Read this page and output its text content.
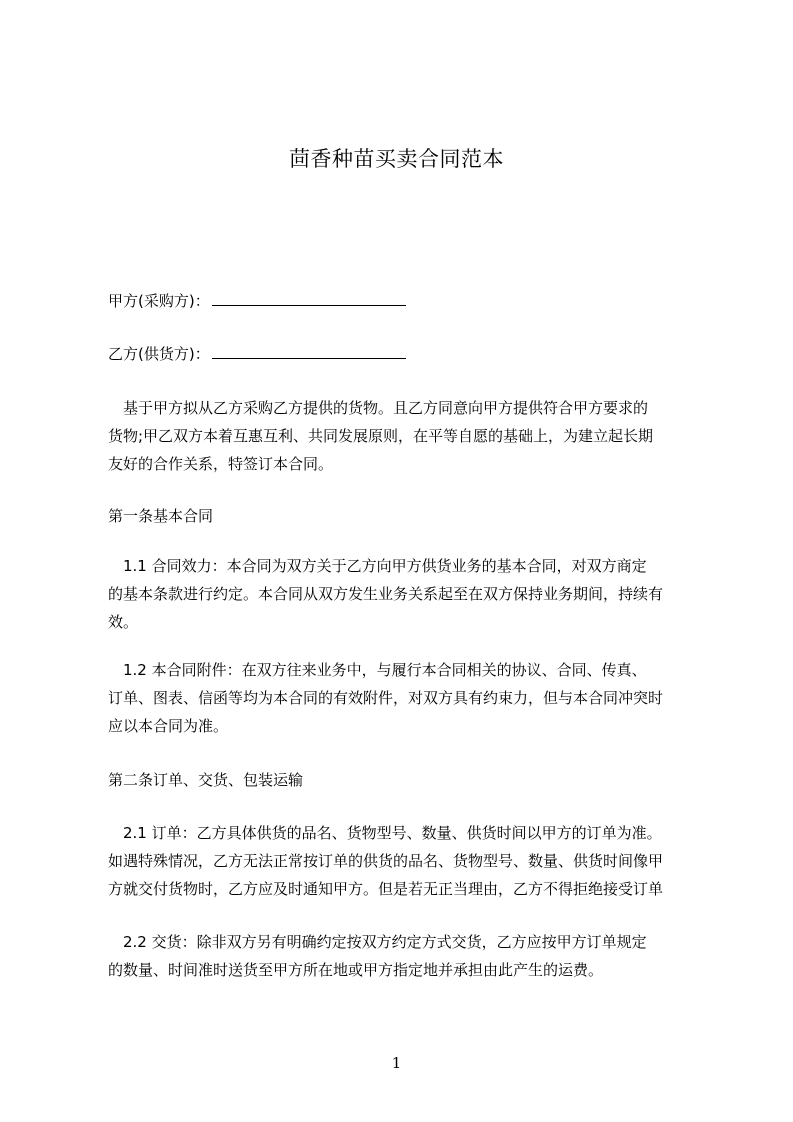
茴香种苗买卖合同范本
甲方(采购方)：
乙方(供货方)：

　基于甲方拟从乙方采购乙方提供的货物。且乙方同意向甲方提供符合甲方要求的

货物;甲乙双方本着互惠互利、共同发展原则，在平等自愿的基础上，为建立起长期

友好的合作关系，特签订本合同。

第一条基本合同

　1.1 合同效力：本合同为双方关于乙方向甲方供货业务的基本合同，对双方商定

的基本条款进行约定。本合同从双方发生业务关系起至在双方保持业务期间，持续有

效。

　1.2 本合同附件：在双方往来业务中，与履行本合同相关的协议、合同、传真、

订单、图表、信函等均为本合同的有效附件，对双方具有约束力，但与本合同冲突时

应以本合同为准。

第二条订单、交货、包装运输

　2.1 订单：乙方具体供货的品名、货物型号、数量、供货时间以甲方的订单为准。

如遇特殊情况，乙方无法正常按订单的供货的品名、货物型号、数量、供货时间像甲

方就交付货物时，乙方应及时通知甲方。但是若无正当理由，乙方不得拒绝接受订单

　2.2 交货：除非双方另有明确约定按双方约定方式交货，乙方应按甲方订单规定

的数量、时间准时送货至甲方所在地或甲方指定地并承担由此产生的运费。

1
